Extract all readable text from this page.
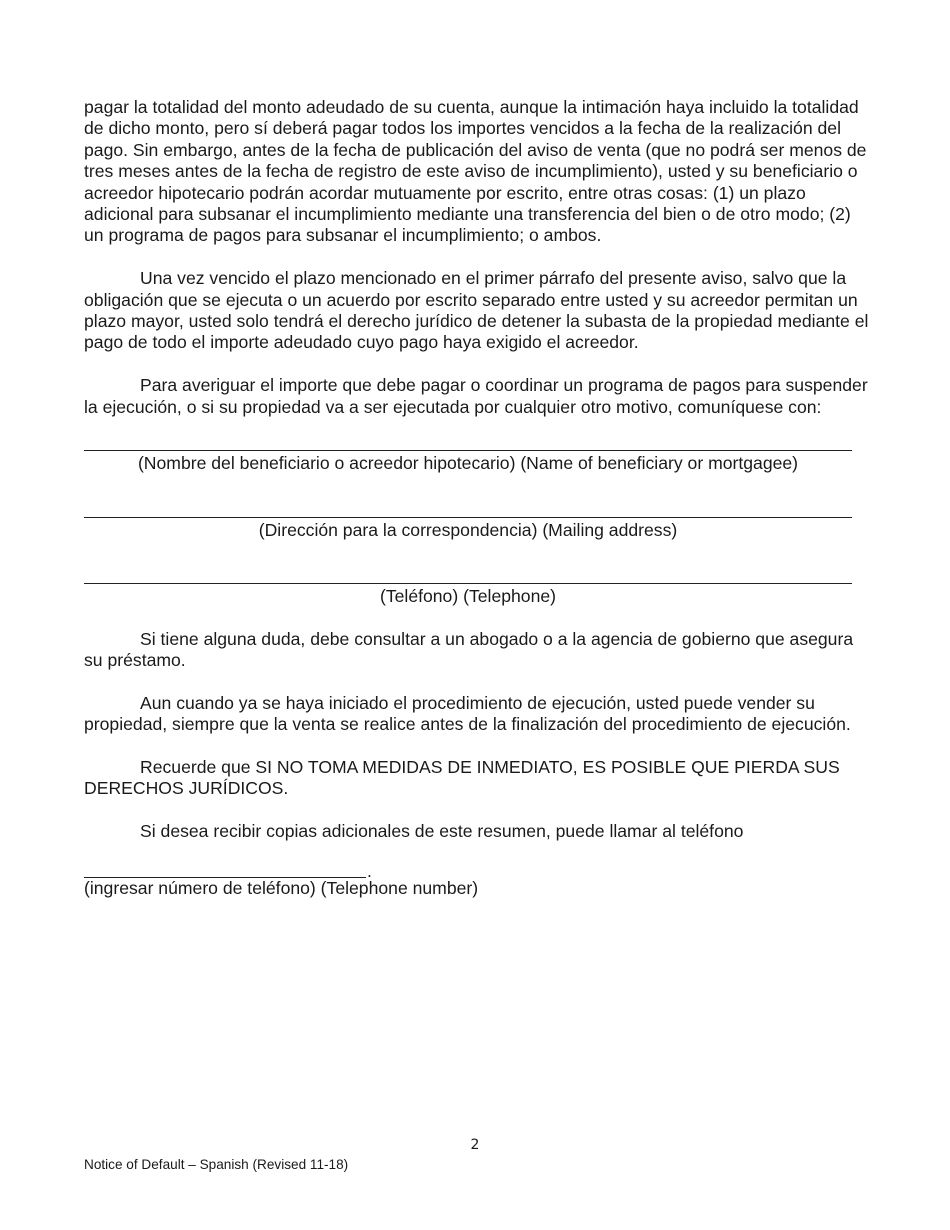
pagar la totalidad del monto adeudado de su cuenta, aunque la intimación haya incluido la totalidad de dicho monto, pero sí deberá pagar todos los importes vencidos a la fecha de la realización del pago. Sin embargo, antes de la fecha de publicación del aviso de venta (que no podrá ser menos de tres meses antes de la fecha de registro de este aviso de incumplimiento), usted y su beneficiario o acreedor hipotecario podrán acordar mutuamente por escrito, entre otras cosas: (1) un plazo adicional para subsanar el incumplimiento mediante una transferencia del bien o de otro modo; (2) un programa de pagos para subsanar el incumplimiento; o ambos.

Una vez vencido el plazo mencionado en el primer párrafo del presente aviso, salvo que la obligación que se ejecuta o un acuerdo por escrito separado entre usted y su acreedor permitan un plazo mayor, usted solo tendrá el derecho jurídico de detener la subasta de la propiedad mediante el pago de todo el importe adeudado cuyo pago haya exigido el acreedor.

Para averiguar el importe que debe pagar o coordinar un programa de pagos para suspender la ejecución, o si su propiedad va a ser ejecutada por cualquier otro motivo, comuníquese con:

(Nombre del beneficiario o acreedor hipotecario) (Name of beneficiary or mortgagee)
(Dirección para la correspondencia) (Mailing address)
(Teléfono) (Telephone)

Si tiene alguna duda, debe consultar a un abogado o a la agencia de gobierno que asegura su préstamo.

Aun cuando ya se haya iniciado el procedimiento de ejecución, usted puede vender su propiedad, siempre que la venta se realice antes de la finalización del procedimiento de ejecución.

Recuerde que SI NO TOMA MEDIDAS DE INMEDIATO, ES POSIBLE QUE PIERDA SUS DERECHOS JURÍDICOS.

Si desea recibir copias adicionales de este resumen, puede llamar al teléfono

.
(ingresar número de teléfono) (Telephone number)
2
Notice of Default – Spanish (Revised 11-18)
